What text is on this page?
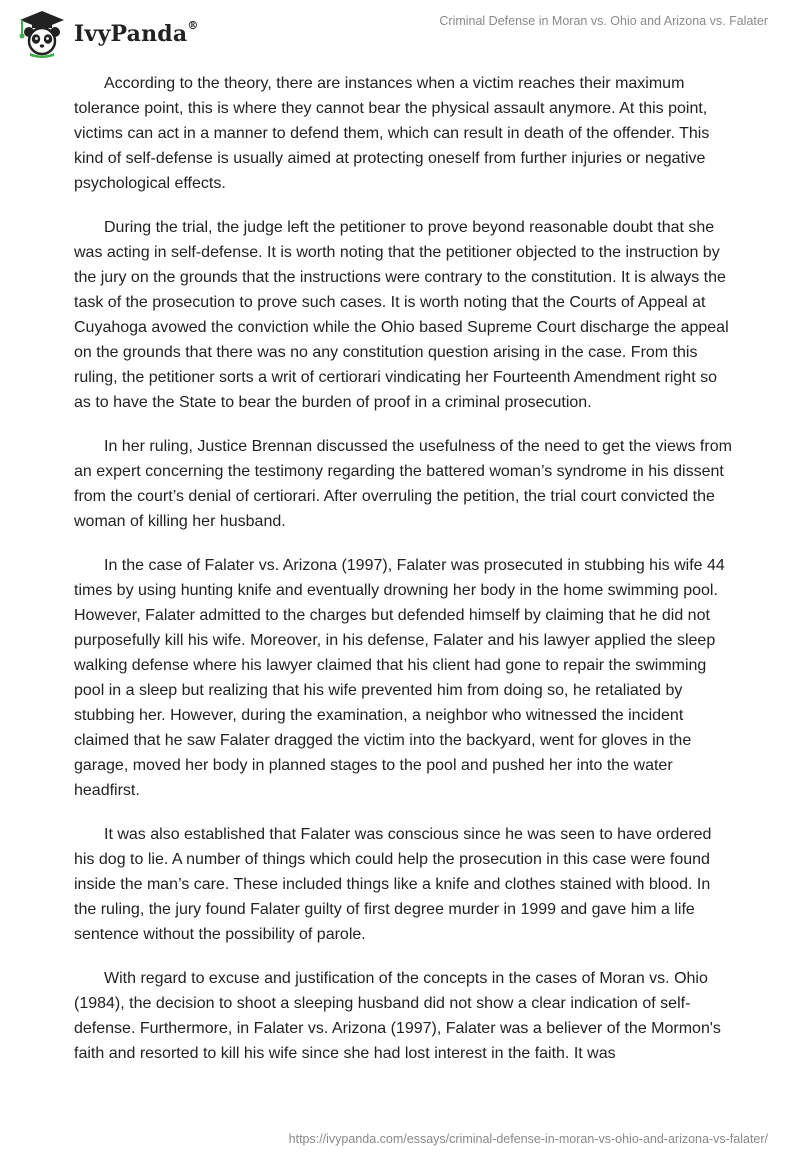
IvyPanda®	Criminal Defense in Moran vs. Ohio and Arizona vs. Falater

According to the theory, there are instances when a victim reaches their maximum tolerance point, this is where they cannot bear the physical assault anymore. At this point, victims can act in a manner to defend them, which can result in death of the offender. This kind of self-defense is usually aimed at protecting oneself from further injuries or negative psychological effects.

During the trial, the judge left the petitioner to prove beyond reasonable doubt that she was acting in self-defense. It is worth noting that the petitioner objected to the instruction by the jury on the grounds that the instructions were contrary to the constitution. It is always the task of the prosecution to prove such cases. It is worth noting that the Courts of Appeal at Cuyahoga avowed the conviction while the Ohio based Supreme Court discharge the appeal on the grounds that there was no any constitution question arising in the case. From this ruling, the petitioner sorts a writ of certiorari vindicating her Fourteenth Amendment right so as to have the State to bear the burden of proof in a criminal prosecution.

In her ruling, Justice Brennan discussed the usefulness of the need to get the views from an expert concerning the testimony regarding the battered woman’s syndrome in his dissent from the court’s denial of certiorari. After overruling the petition, the trial court convicted the woman of killing her husband.

In the case of Falater vs. Arizona (1997), Falater was prosecuted in stubbing his wife 44 times by using hunting knife and eventually drowning her body in the home swimming pool. However, Falater admitted to the charges but defended himself by claiming that he did not purposefully kill his wife. Moreover, in his defense, Falater and his lawyer applied the sleep walking defense where his lawyer claimed that his client had gone to repair the swimming pool in a sleep but realizing that his wife prevented him from doing so, he retaliated by stubbing her. However, during the examination, a neighbor who witnessed the incident claimed that he saw Falater dragged the victim into the backyard, went for gloves in the garage, moved her body in planned stages to the pool and pushed her into the water headfirst.

It was also established that Falater was conscious since he was seen to have ordered his dog to lie. A number of things which could help the prosecution in this case were found inside the man’s care. These included things like a knife and clothes stained with blood. In the ruling, the jury found Falater guilty of first degree murder in 1999 and gave him a life sentence without the possibility of parole.

With regard to excuse and justification of the concepts in the cases of Moran vs. Ohio (1984), the decision to shoot a sleeping husband did not show a clear indication of self-defense. Furthermore, in Falater vs. Arizona (1997), Falater was a believer of the Mormon's faith and resorted to kill his wife since she had lost interest in the faith. It was

https://ivypanda.com/essays/criminal-defense-in-moran-vs-ohio-and-arizona-vs-falater/
